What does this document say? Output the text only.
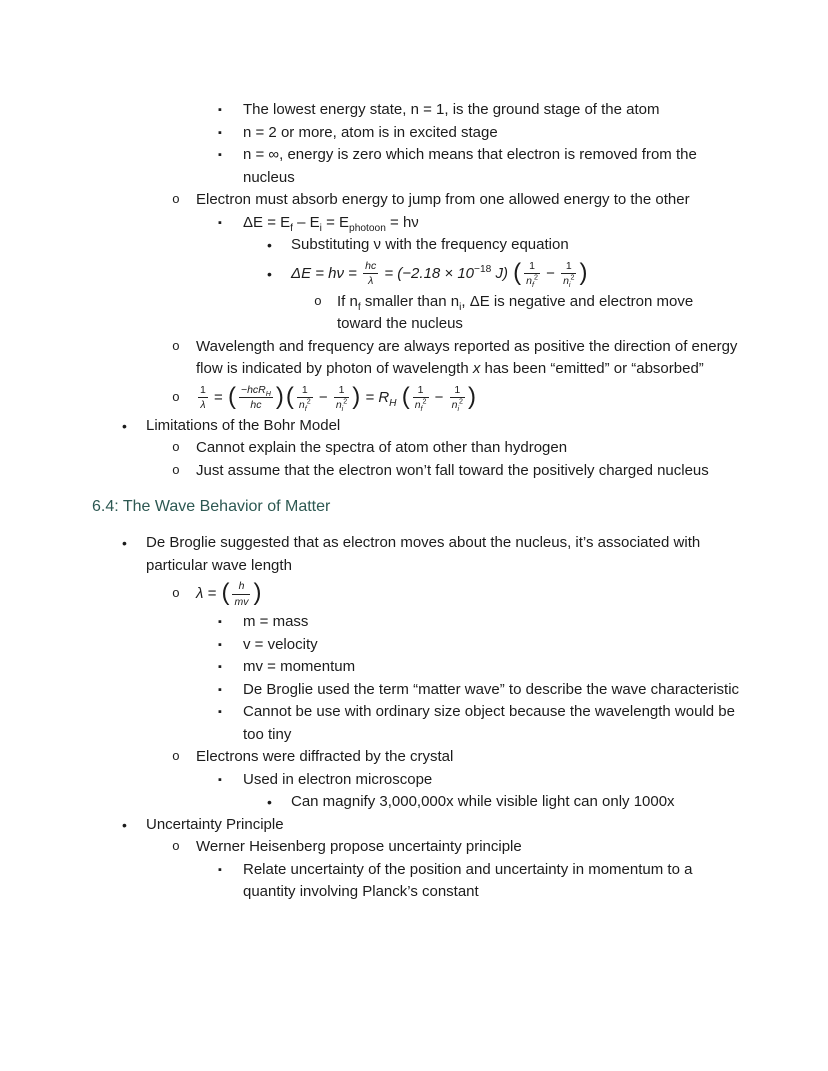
▪ The lowest energy state, n = 1, is the ground stage of the atom
▪ n = 2 or more, atom is in excited stage
▪ n = ∞, energy is zero which means that electron is removed from the nucleus
o Electron must absorb energy to jump from one allowed energy to the other
▪ $\Delta E = E_f - E_i = E_{photoon} = h\nu$
• Substituting ν with the frequency equation
• $\Delta E = h\nu = \frac{hc}{\lambda} = (-2.18 \times 10^{-18}$ J) ( $\frac{1}{n_f^2} - \frac{1}{n_i^2}$ )
o If $n_f$ smaller than $n_i$, ΔE is negative and electron move toward the nucleus
o Wavelength and frequency are always reported as positive the direction of energy flow is indicated by photon of wavelength x has been “emitted” or “absorbed”
o $\frac{1}{\lambda}$ = ( $\frac{-hcR_H}{hc}$ )( $\frac{1}{n_f^2} - \frac{1}{n_i^2}$ ) = $R_H$ ( $\frac{1}{n_f^2} - \frac{1}{n_i^2}$ )
• Limitations of the Bohr Model
o Cannot explain the spectra of atom other than hydrogen
o Just assume that the electron won’t fall toward the positively charged nucleus
6.4: The Wave Behavior of Matter
• De Broglie suggested that as electron moves about the nucleus, it’s associated with particular wave length
o λ = ( $\frac{h}{mv}$ )
▪ m = mass
▪ v = velocity
▪ mv = momentum
▪ De Broglie used the term “matter wave” to describe the wave characteristic
▪ Cannot be use with ordinary size object because the wavelength would be too tiny
o Electrons were diffracted by the crystal
▪ Used in electron microscope
• Can magnify 3,000,000x while visible light can only 1000x
• Uncertainty Principle
o Werner Heisenberg propose uncertainty principle
▪ Relate uncertainty of the position and uncertainty in momentum to a quantity involving Planck’s constant
